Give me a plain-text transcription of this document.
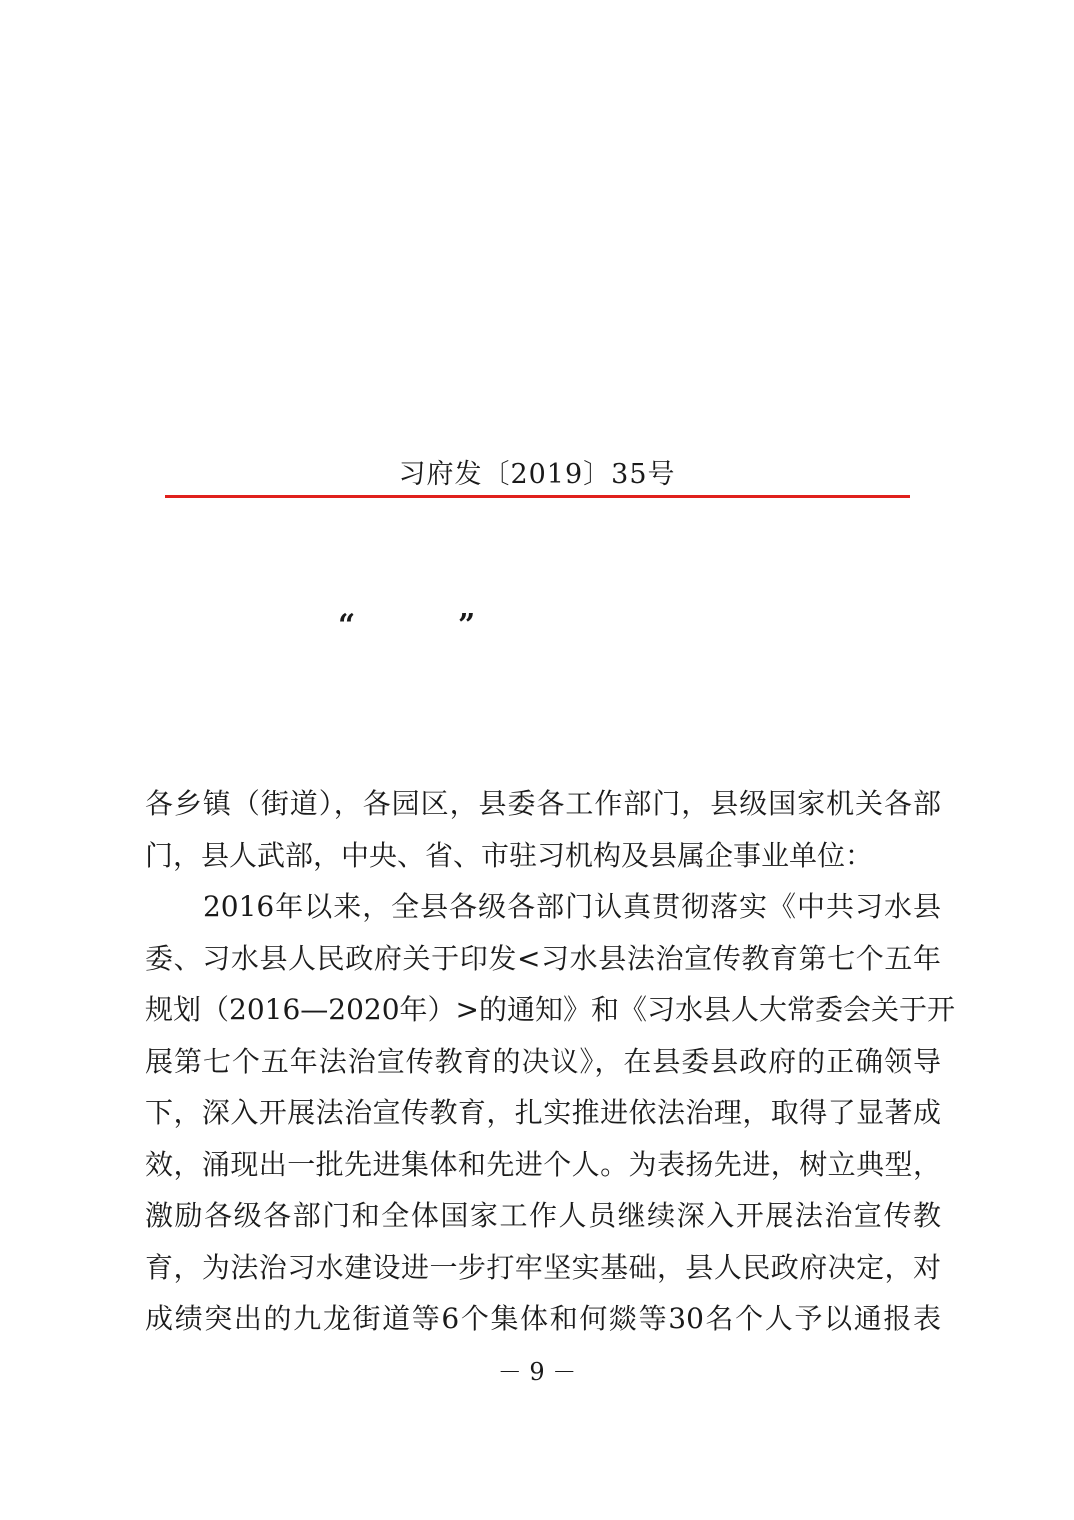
习府发〔2019〕35号
“	”
各乡镇（街道），各园区，县委各工作部门，县级国家机关各部
门，县人武部，中央、省、市驻习机构及县属企事业单位：
　　2016年以来，全县各级各部门认真贯彻落实《中共习水县
委、习水县人民政府关于印发<习水县法治宣传教育第七个五年
规划（2016—2020年）>的通知》和《习水县人大常委会关于开
展第七个五年法治宣传教育的决议》，在县委县政府的正确领导
下，深入开展法治宣传教育，扎实推进依法治理，取得了显著成
效，涌现出一批先进集体和先进个人。为表扬先进，树立典型，
激励各级各部门和全体国家工作人员继续深入开展法治宣传教
育，为法治习水建设进一步打牢坚实基础，县人民政府决定，对
成绩突出的九龙街道等6个集体和何燚等30名个人予以通报表
－ 9 －
